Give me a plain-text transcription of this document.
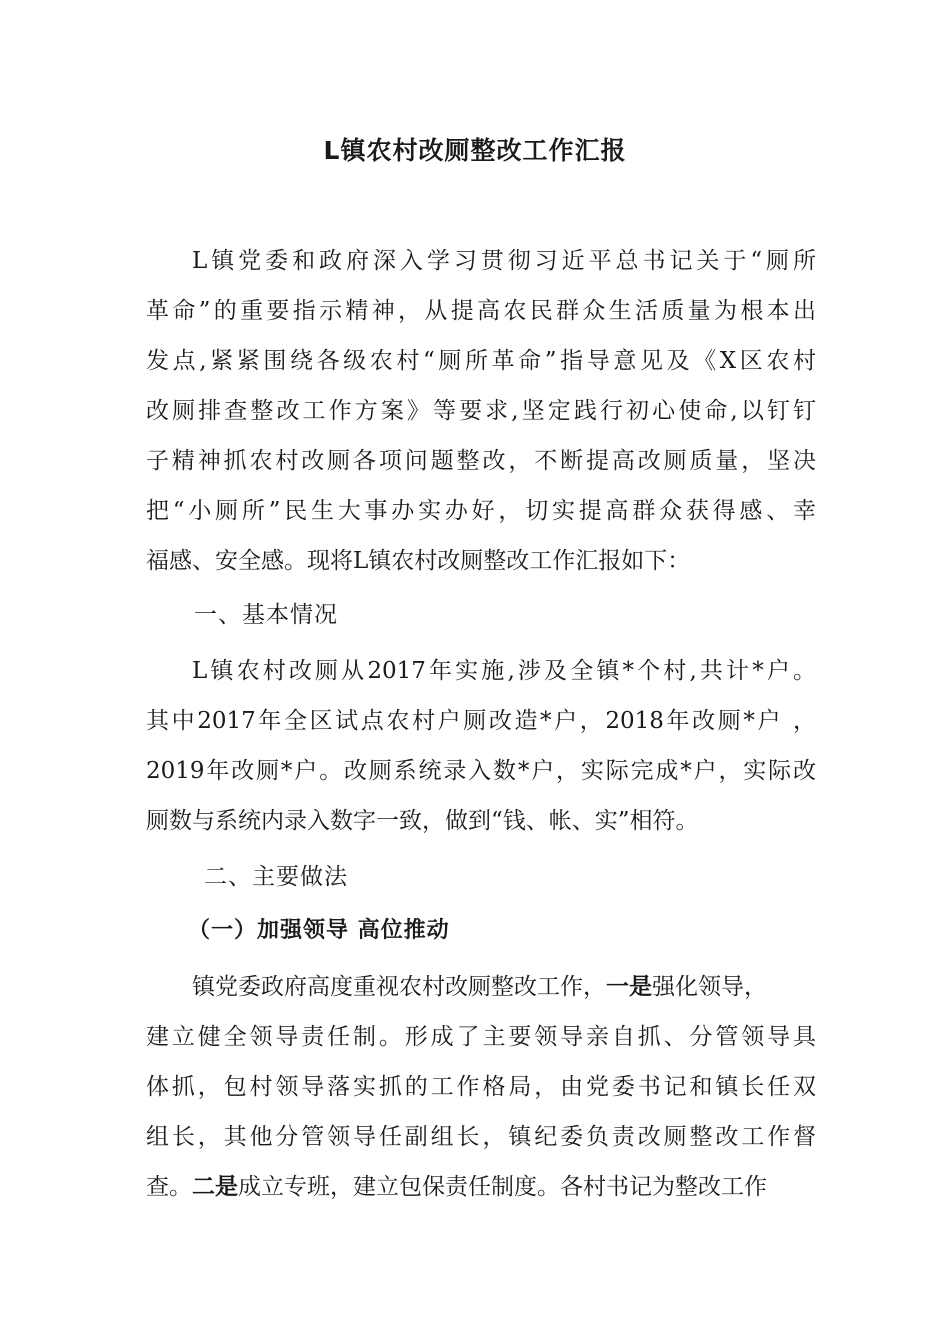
L镇农村改厕整改工作汇报

L镇党委和政府深入学习贯彻习近平总书记关于“厕所

革命”的重要指示精神，从提高农民群众生活质量为根本出

发点,紧紧围绕各级农村“厕所革命”指导意见及《X区农村

改厕排查整改工作方案》等要求,坚定践行初心使命,以钉钉

子精神抓农村改厕各项问题整改，不断提高改厕质量，坚决

把“小厕所”民生大事办实办好，切实提高群众获得感、幸

福感、安全感。现将L镇农村改厕整改工作汇报如下：

一、基本情况

L镇农村改厕从2017年实施,涉及全镇*个村,共计*户。

其中2017年全区试点农村户厕改造*户，2018年改厕*户 ，

2019年改厕*户。改厕系统录入数*户，实际完成*户，实际改

厕数与系统内录入数字一致，做到“钱、帐、实”相符。

二、主要做法

（一）加强领导 高位推动

镇党委政府高度重视农村改厕整改工作，一是强化领导，

建立健全领导责任制。形成了主要领导亲自抓、分管领导具

体抓，包村领导落实抓的工作格局，由党委书记和镇长任双

组长，其他分管领导任副组长，镇纪委负责改厕整改工作督

查。二是成立专班，建立包保责任制度。各村书记为整改工作
